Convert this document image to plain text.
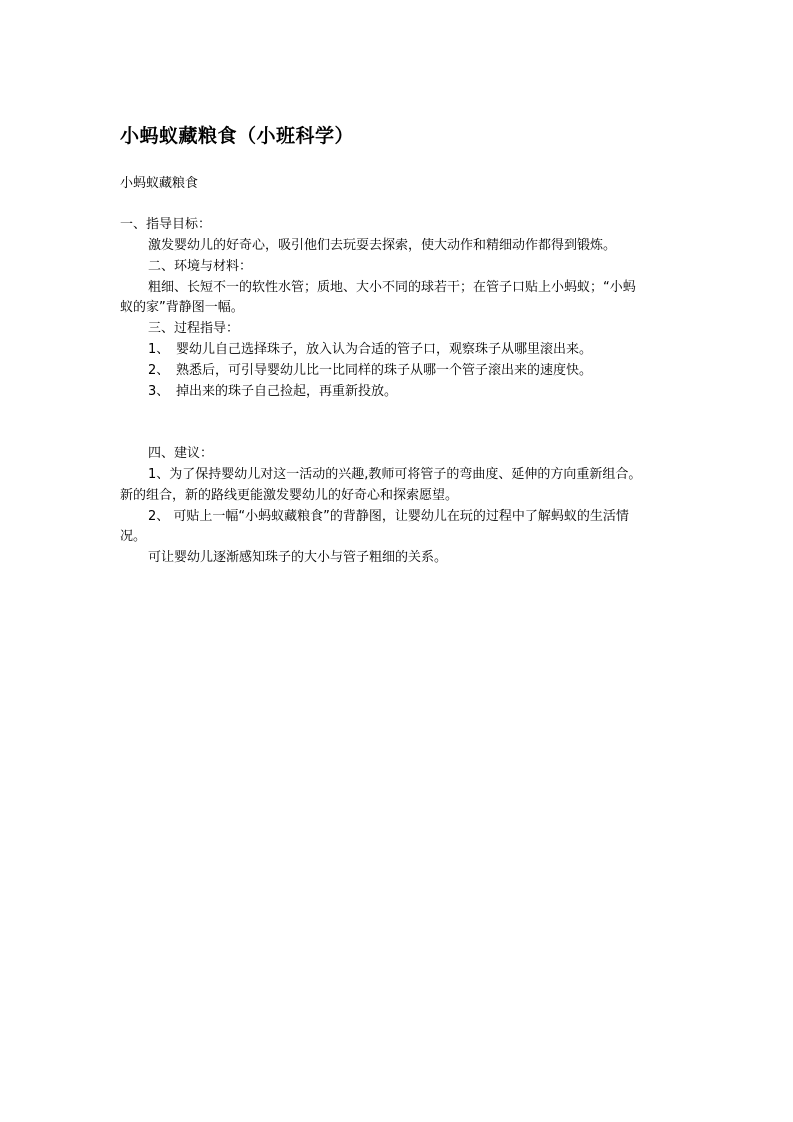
小蚂蚁藏粮食（小班科学）
小蚂蚁藏粮食
一、指导目标：
激发婴幼儿的好奇心，吸引他们去玩耍去探索，使大动作和精细动作都得到锻炼。
二、环境与材料：
粗细、长短不一的软性水管；质地、大小不同的球若干；在管子口贴上小蚂蚁；“小蚂
蚁的家”背静图一幅。
三、过程指导：
1、 婴幼儿自己选择珠子，放入认为合适的管子口，观察珠子从哪里滚出来。
2、 熟悉后，可引导婴幼儿比一比同样的珠子从哪一个管子滚出来的速度快。
3、 掉出来的珠子自己捡起，再重新投放。
四、建议：
1、为了保持婴幼儿对这一活动的兴趣,教师可将管子的弯曲度、延伸的方向重新组合。
新的组合，新的路线更能激发婴幼儿的好奇心和探索愿望。
2、 可贴上一幅“小蚂蚁藏粮食”的背静图，让婴幼儿在玩的过程中了解蚂蚁的生活情
况。
可让婴幼儿逐渐感知珠子的大小与管子粗细的关系。
